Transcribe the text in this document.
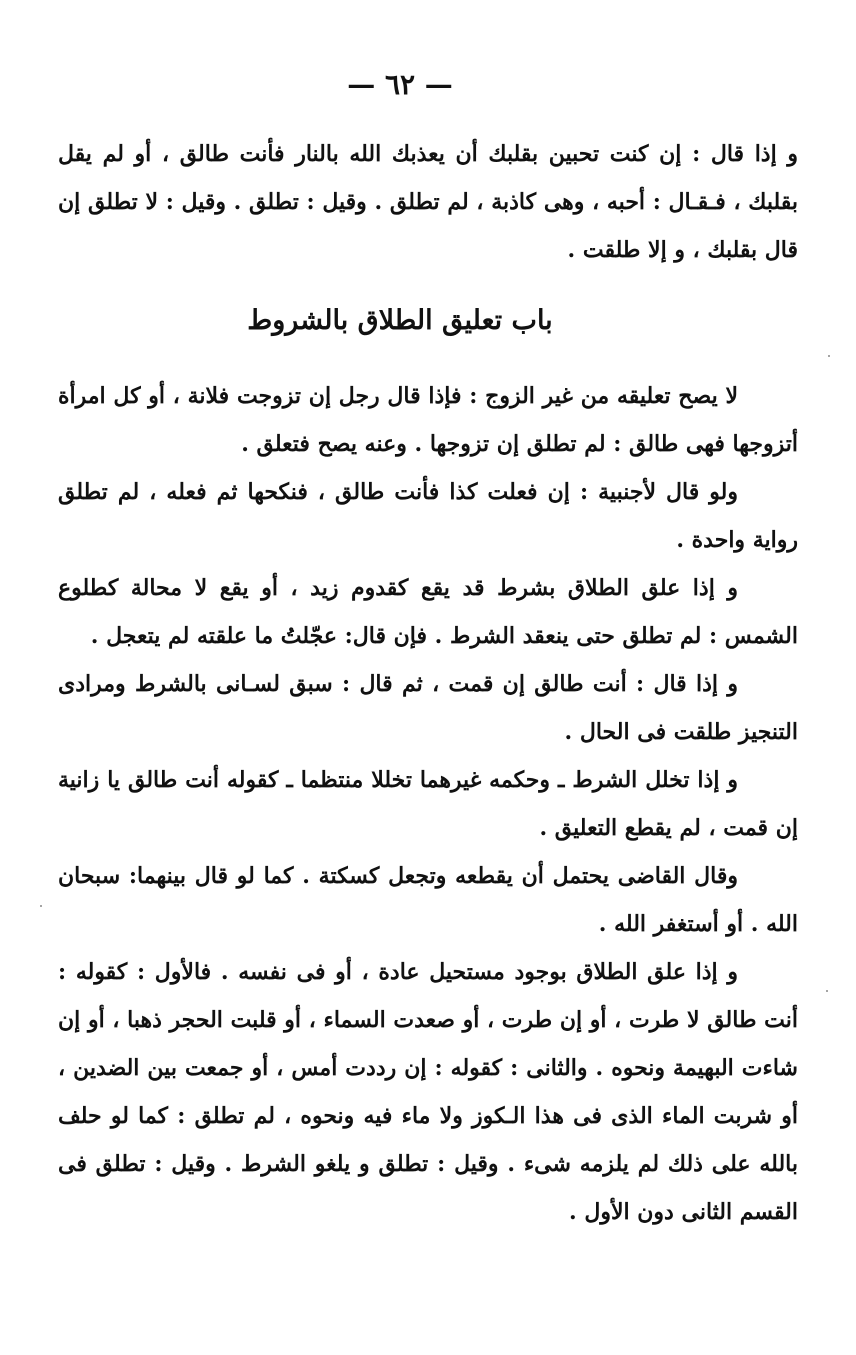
— ٦٢ —

و إذا قال : إن كنت تحبين بقلبك أن يعذبك الله بالنار فأنت طالق ، أو لم يقل بقلبك ، فـقـال : أحبه ، وهى كاذبة ، لم تطلق . وقيل : تطلق . وقيل : لا تطلق إن قال بقلبك ، و إلا طلقت .

باب تعليق الطلاق بالشروط

لا يصح تعليقه من غير الزوج : فإذا قال رجل إن تزوجت فلانة ، أو كل امرأة أتزوجها فهى طالق : لم تطلق إن تزوجها . وعنه يصح فتعلق .

ولو قال لأجنبية : إن فعلت كذا فأنت طالق ، فنكحها ثم فعله ، لم تطلق رواية واحدة .

و إذا علق الطلاق بشرط قد يقع كقدوم زيد ، أو يقع لا محالة كطلوع الشمس : لم تطلق حتى ينعقد الشرط . فإن قال: عجّلتُ ما علقته لم يتعجل .

و إذا قال : أنت طالق إن قمت ، ثم قال : سبق لسـانى بالشرط ومرادى التنجيز طلقت فى الحال .

و إذا تخلل الشرط ـ وحكمه غيرهما تخللا منتظما ـ كقوله أنت طالق يا زانية إن قمت ، لم يقطع التعليق .

وقال القاضى يحتمل أن يقطعه وتجعل كسكتة . كما لو قال بينهما: سبحان الله . أو أستغفر الله .

و إذا علق الطلاق بوجود مستحيل عادة ، أو فى نفسه . فالأول : كقوله : أنت طالق لا طرت ، أو إن طرت ، أو صعدت السماء ، أو قلبت الحجر ذهبا ، أو إن شاءت البهيمة ونحوه . والثانى : كقوله : إن رددت أمس ، أو جمعت بين الضدين ، أو شربت الماء الذى فى هذا الـكوز ولا ماء فيه ونحوه ، لم تطلق : كما لو حلف بالله على ذلك لم يلزمه شىء . وقيل : تطلق و يلغو الشرط . وقيل : تطلق فى القسم الثانى دون الأول .
